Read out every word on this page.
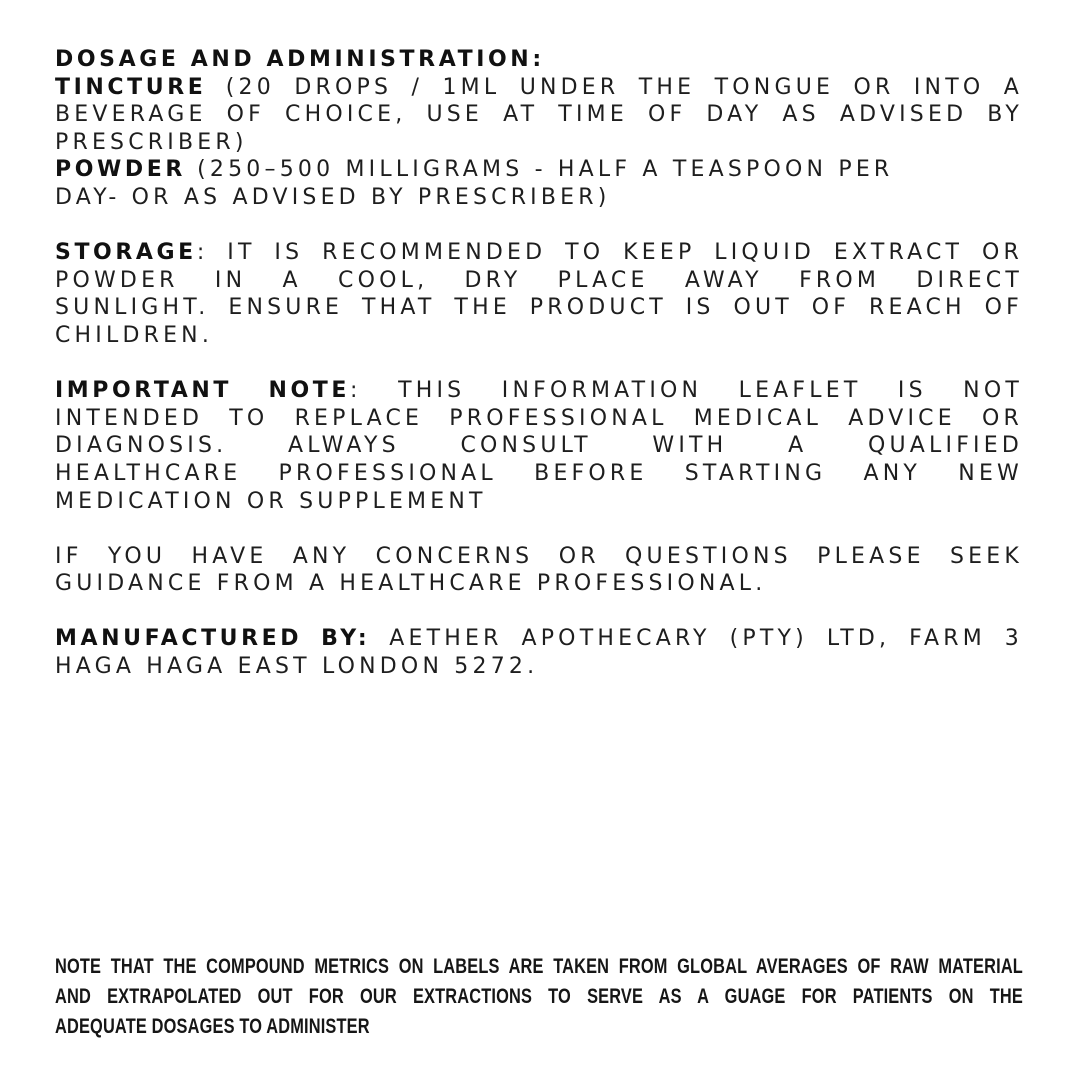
DOSAGE AND ADMINISTRATION:
TINCTURE (20 DROPS / 1ML UNDER THE TONGUE OR INTO A
BEVERAGE OF CHOICE, USE AT TIME OF DAY AS ADVISED BY
PRESCRIBER)
POWDER (250–500 MILLIGRAMS - HALF A TEASPOON PER
DAY- OR AS ADVISED BY PRESCRIBER)
STORAGE: IT IS RECOMMENDED TO KEEP LIQUID EXTRACT OR
POWDER IN A COOL, DRY PLACE AWAY FROM DIRECT
SUNLIGHT. ENSURE THAT THE PRODUCT IS OUT OF REACH OF
CHILDREN.
IMPORTANT NOTE: THIS INFORMATION LEAFLET IS NOT
INTENDED TO REPLACE PROFESSIONAL MEDICAL ADVICE OR
DIAGNOSIS. ALWAYS CONSULT WITH A QUALIFIED
HEALTHCARE PROFESSIONAL BEFORE STARTING ANY NEW
MEDICATION OR SUPPLEMENT
IF YOU HAVE ANY CONCERNS OR QUESTIONS PLEASE SEEK
GUIDANCE FROM A HEALTHCARE PROFESSIONAL.
MANUFACTURED BY: AETHER APOTHECARY (PTY) LTD, FARM 3
HAGA HAGA EAST LONDON 5272.
NOTE THAT THE COMPOUND METRICS ON LABELS ARE TAKEN FROM GLOBAL AVERAGES OF RAW MATERIAL
AND EXTRAPOLATED OUT FOR OUR EXTRACTIONS TO SERVE AS A GUAGE FOR PATIENTS ON THE
ADEQUATE DOSAGES TO ADMINISTER
